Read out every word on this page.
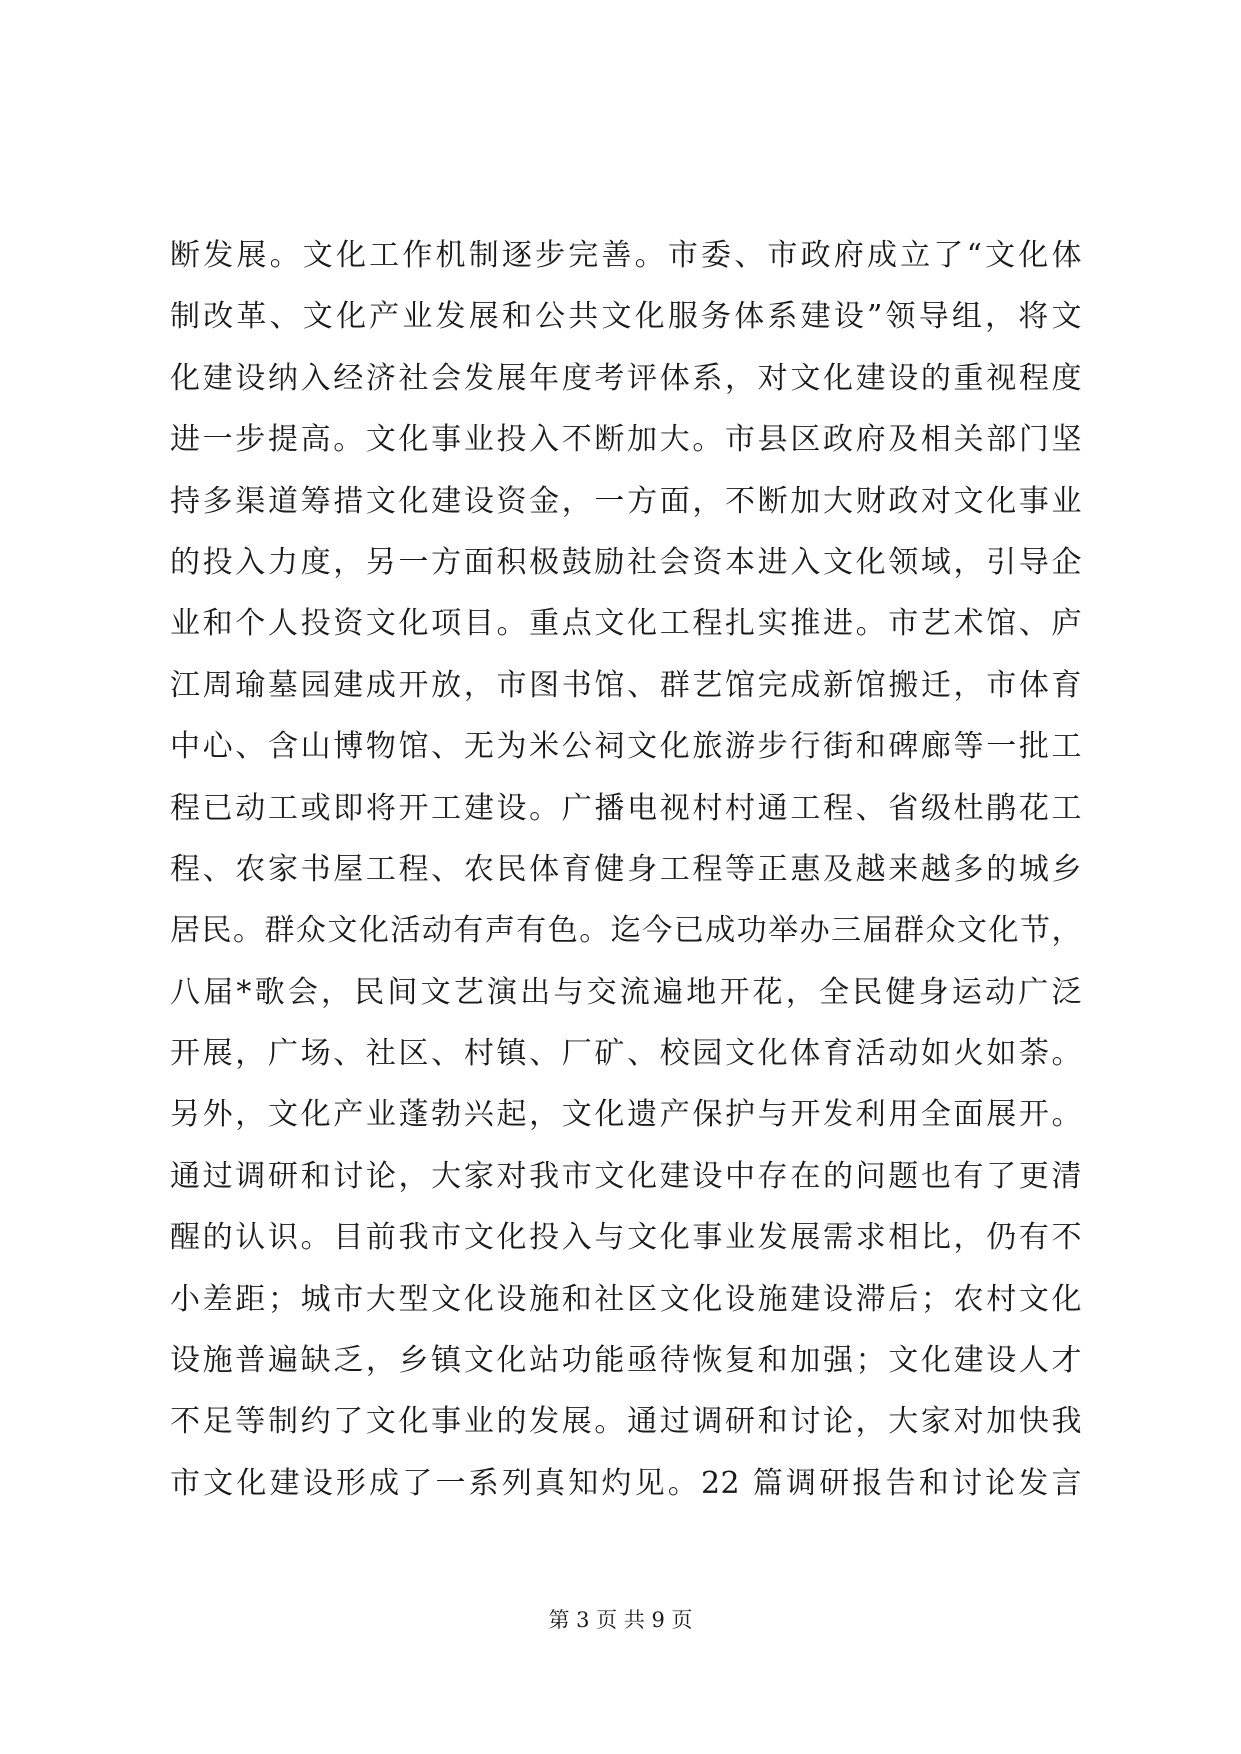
断发展。文化工作机制逐步完善。市委、市政府成立了“文化体
制改革、文化产业发展和公共文化服务体系建设”领导组，将文
化建设纳入经济社会发展年度考评体系，对文化建设的重视程度
进一步提高。文化事业投入不断加大。市县区政府及相关部门坚
持多渠道筹措文化建设资金，一方面，不断加大财政对文化事业
的投入力度，另一方面积极鼓励社会资本进入文化领域，引导企
业和个人投资文化项目。重点文化工程扎实推进。市艺术馆、庐
江周瑜墓园建成开放，市图书馆、群艺馆完成新馆搬迁，市体育
中心、含山博物馆、无为米公祠文化旅游步行街和碑廊等一批工
程已动工或即将开工建设。广播电视村村通工程、省级杜鹃花工
程、农家书屋工程、农民体育健身工程等正惠及越来越多的城乡
居民。群众文化活动有声有色。迄今已成功举办三届群众文化节，
八届*歌会，民间文艺演出与交流遍地开花，全民健身运动广泛
开展，广场、社区、村镇、厂矿、校园文化体育活动如火如荼。
另外，文化产业蓬勃兴起，文化遗产保护与开发利用全面展开。
通过调研和讨论，大家对我市文化建设中存在的问题也有了更清
醒的认识。目前我市文化投入与文化事业发展需求相比，仍有不
小差距；城市大型文化设施和社区文化设施建设滞后；农村文化
设施普遍缺乏，乡镇文化站功能亟待恢复和加强；文化建设人才
不足等制约了文化事业的发展。通过调研和讨论，大家对加快我
市文化建设形成了一系列真知灼见。22 篇调研报告和讨论发言
第 3 页 共 9 页
